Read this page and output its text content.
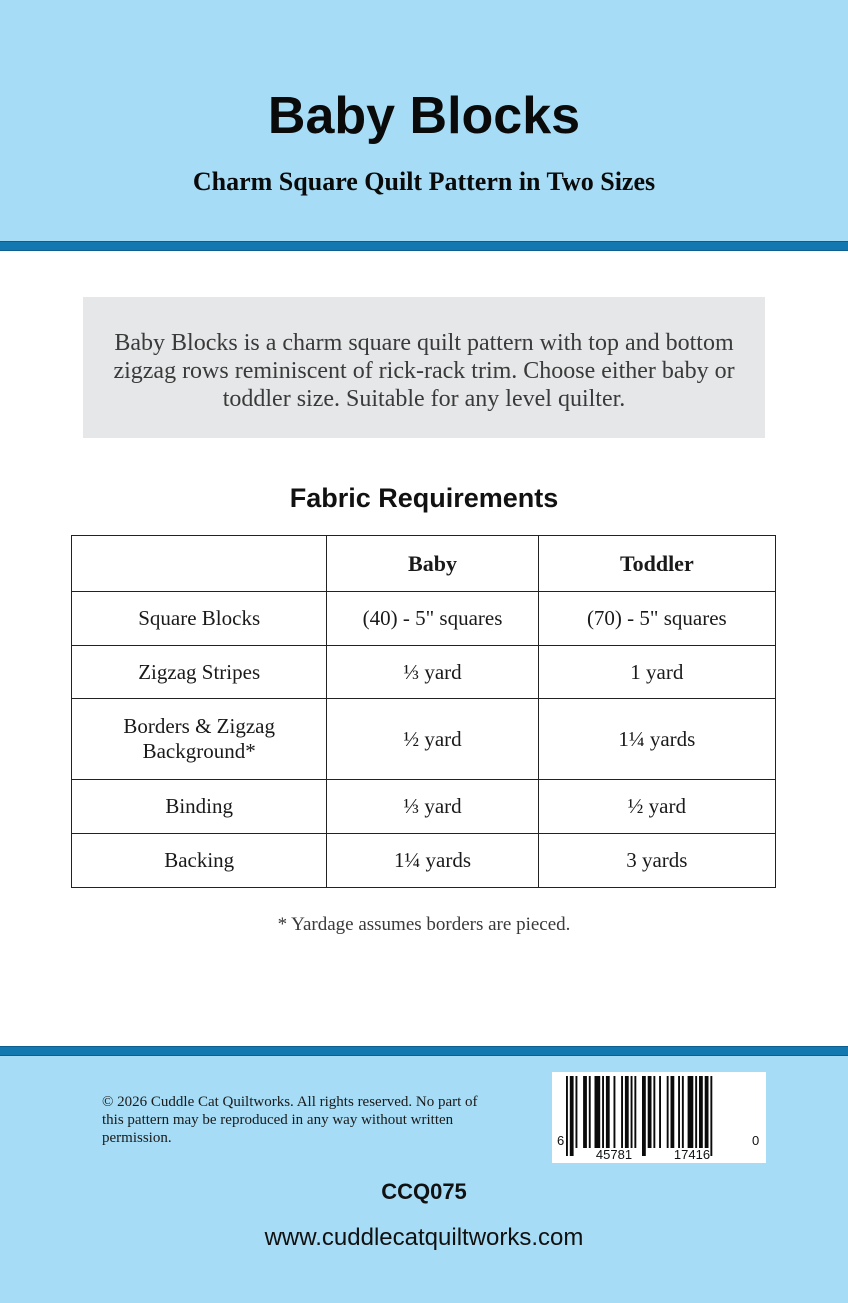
Baby Blocks
Charm Square Quilt Pattern in Two Sizes
Baby Blocks is a charm square quilt pattern with top and bottom zigzag rows reminiscent of rick-rack trim. Choose either baby or toddler size. Suitable for any level quilter.
Fabric Requirements
	Baby	Toddler
Square Blocks	(40) - 5" squares	(70) - 5" squares
Zigzag Stripes	⅓ yard	1 yard
Borders & Zigzag Background*	½ yard	1¼ yards
Binding	⅓ yard	½ yard
Backing	1¼ yards	3 yards
* Yardage assumes borders are pieced.
© 2026 Cuddle Cat Quiltworks. All rights reserved. No part of this pattern may be reproduced in any way without written permission.	6
45781	17416
0
CCQ075
www.cuddlecatquiltworks.com
